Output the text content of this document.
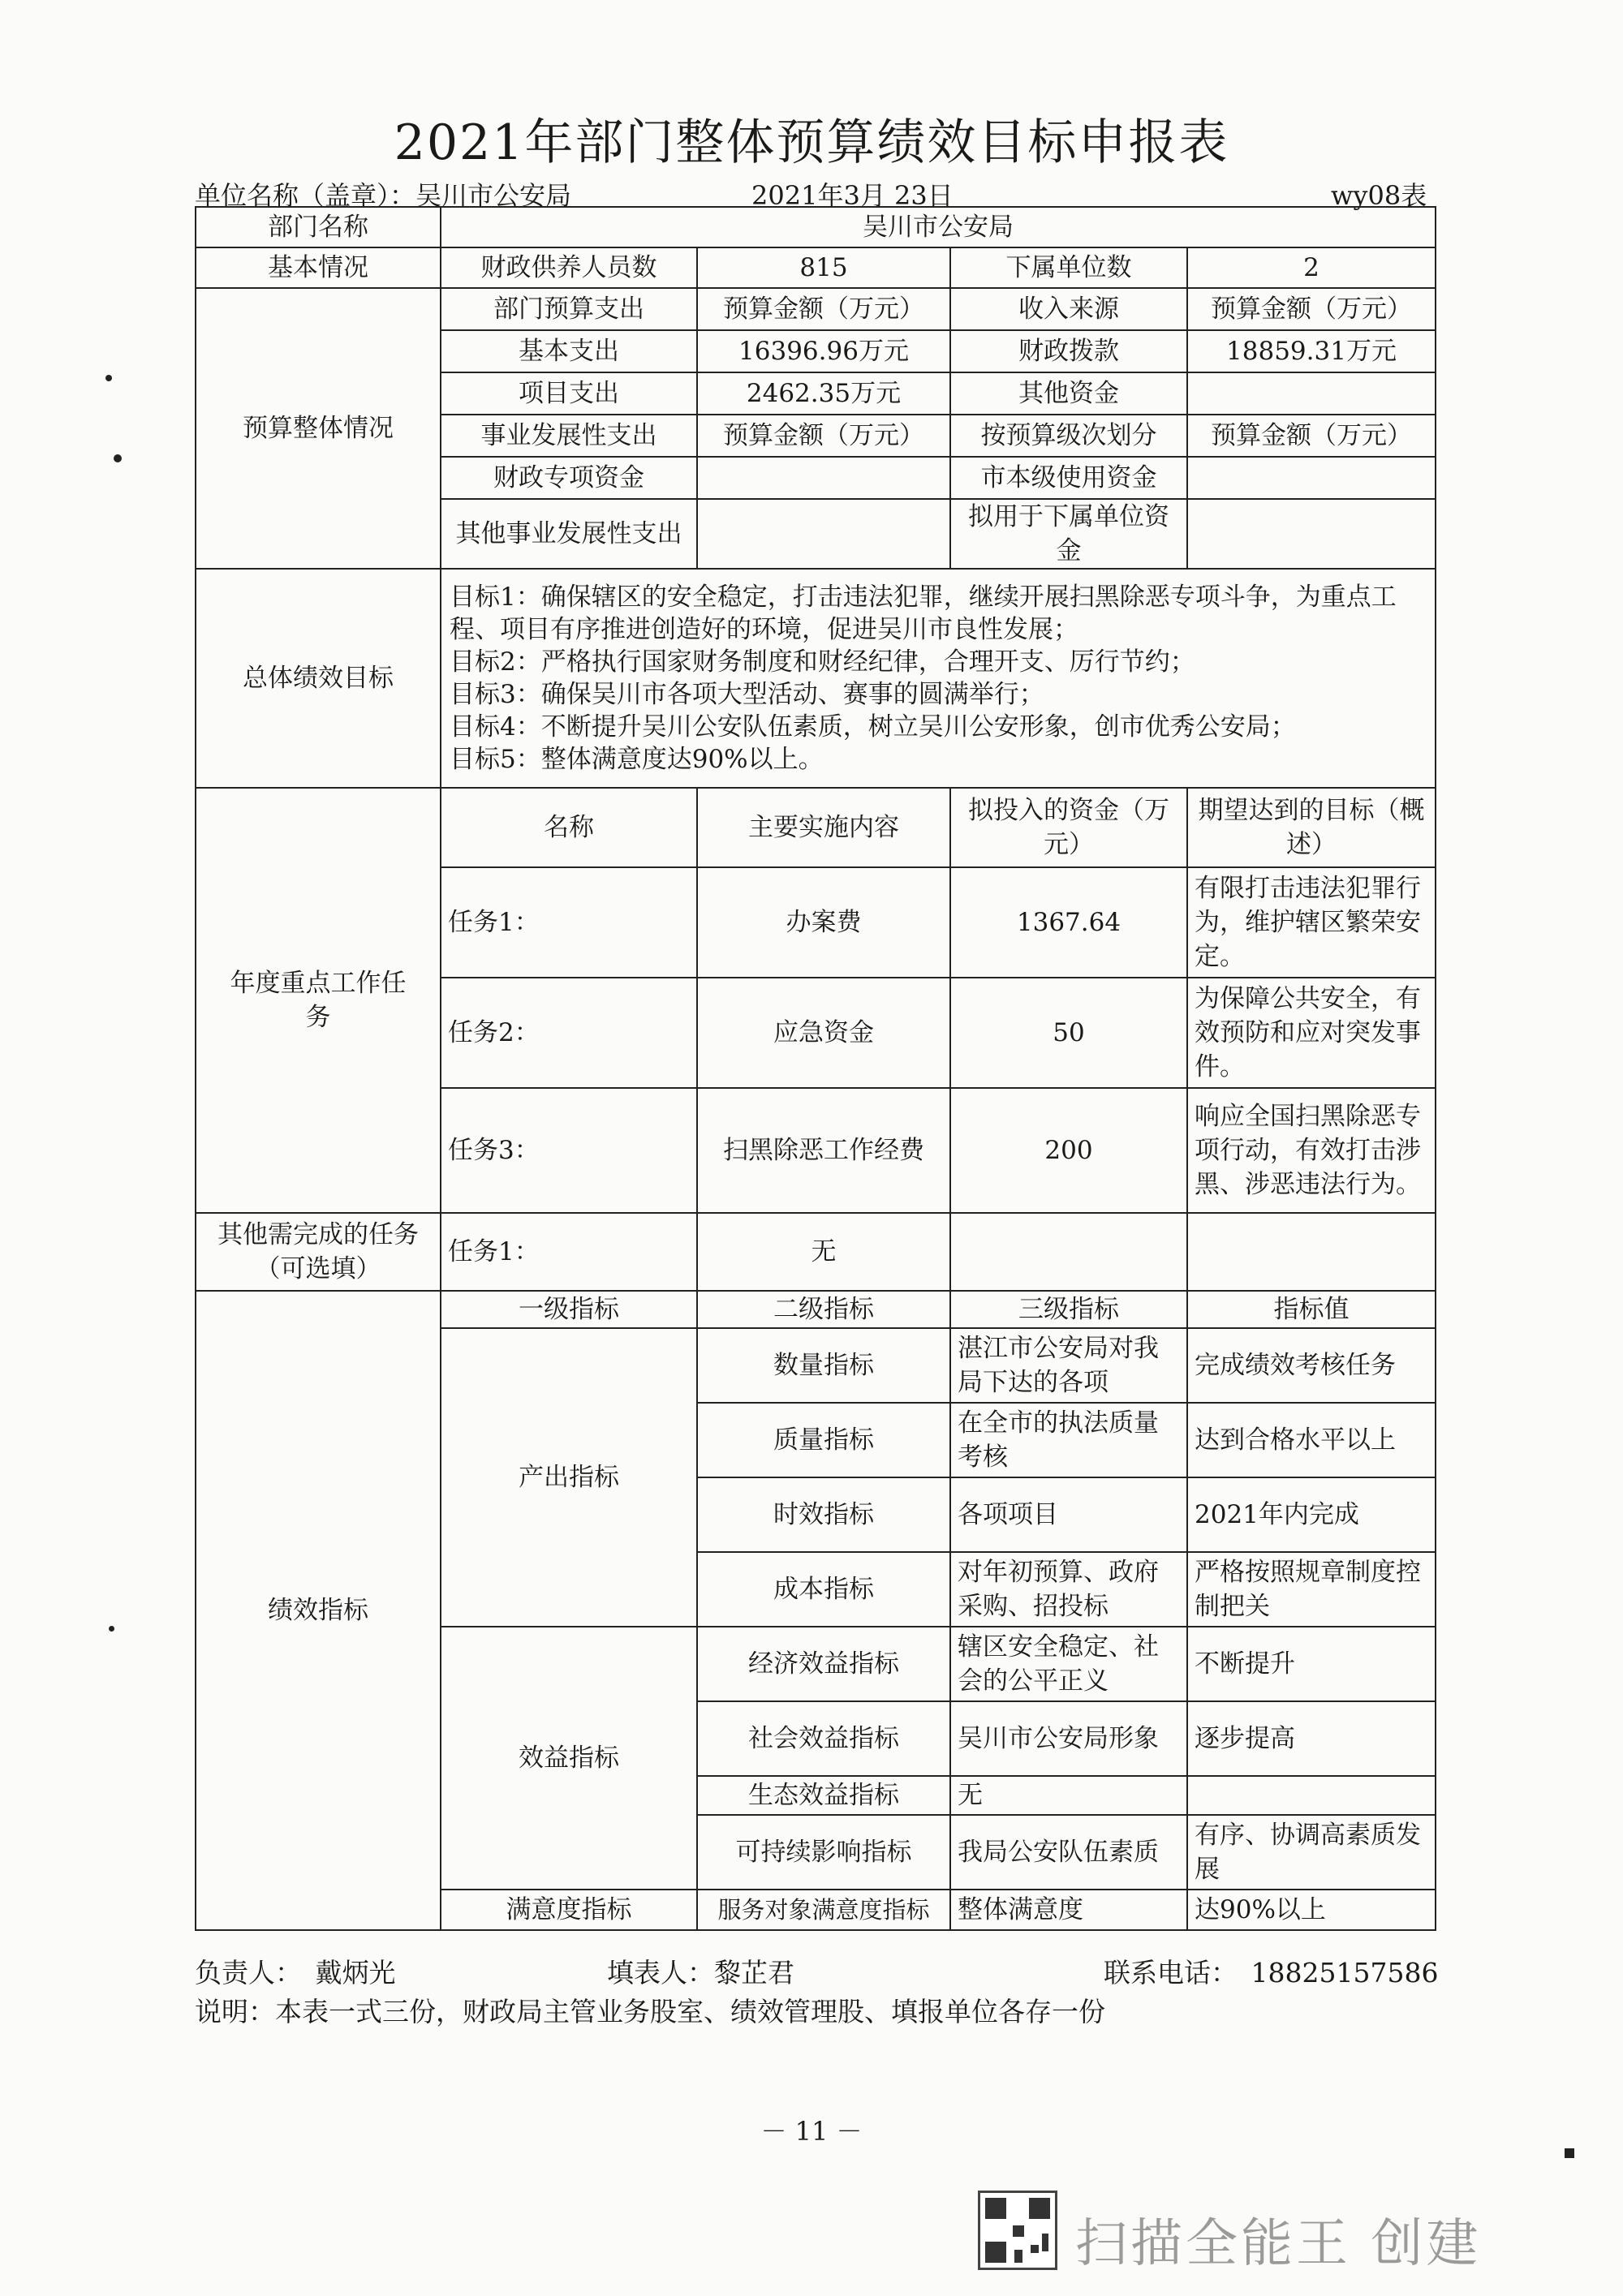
2021年部门整体预算绩效目标申报表
单位名称（盖章）：吴川市公安局	2021年3月 23日	wy08表
部门名称	吴川市公安局			
基本情况	财政供养人员数	815	下属单位数	2
预算整体情况	部门预算支出	预算金额（万元）	收入来源	预算金额（万元）
	基本支出	16396.96万元	财政拨款	18859.31万元
	项目支出	2462.35万元	其他资金	
	事业发展性支出	预算金额（万元）	按预算级次划分	预算金额（万元）
	财政专项资金		市本级使用资金	
	其他事业发展性支出		拟用于下属单位资金	
总体绩效目标	目标1：确保辖区的安全稳定，打击违法犯罪，继续开展扫黑除恶专项斗争，为重点工程、项目有序推进创造好的环境，促进吴川市良性发展；
目标2：严格执行国家财务制度和财经纪律，合理开支、厉行节约；
目标3：确保吴川市各项大型活动、赛事的圆满举行；
目标4：不断提升吴川公安队伍素质，树立吴川公安形象，创市优秀公安局；
目标5：整体满意度达90%以上。			

年度重点工作任务	名称	主要实施内容	拟投入的资金（万元）	期望达到的目标（概述）
	任务1：	办案费	1367.64	有限打击违法犯罪行为，维护辖区繁荣安定。
	任务2：	应急资金	50	为保障公共安全，有效预防和应对突发事件。
	任务3：	扫黑除恶工作经费	200	响应全国扫黑除恶专项行动，有效打击涉黑、涉恶违法行为。
其他需完成的任务（可选填）	任务1：	无		
绩效指标	一级指标	二级指标	三级指标	指标值
	产出指标	数量指标	湛江市公安局对我局下达的各项	完成绩效考核任务
		质量指标	在全市的执法质量考核	达到合格水平以上
		时效指标	各项项目	2021年内完成
		成本指标	对年初预算、政府采购、招投标	严格按照规章制度控制把关
	效益指标	经济效益指标	辖区安全稳定、社会的公平正义	不断提升
		社会效益指标	吴川市公安局形象	逐步提高
		生态效益指标	无	
		可持续影响指标	我局公安队伍素质	有序、协调高素质发展
	满意度指标	服务对象满意度指标	整体满意度	达90%以上
负责人：　戴炳光	填表人：黎芷君	联系电话：　18825157586
说明：本表一式三份，财政局主管业务股室、绩效管理股、填报单位各存一份
－ 11 －
扫描全能王 创建
